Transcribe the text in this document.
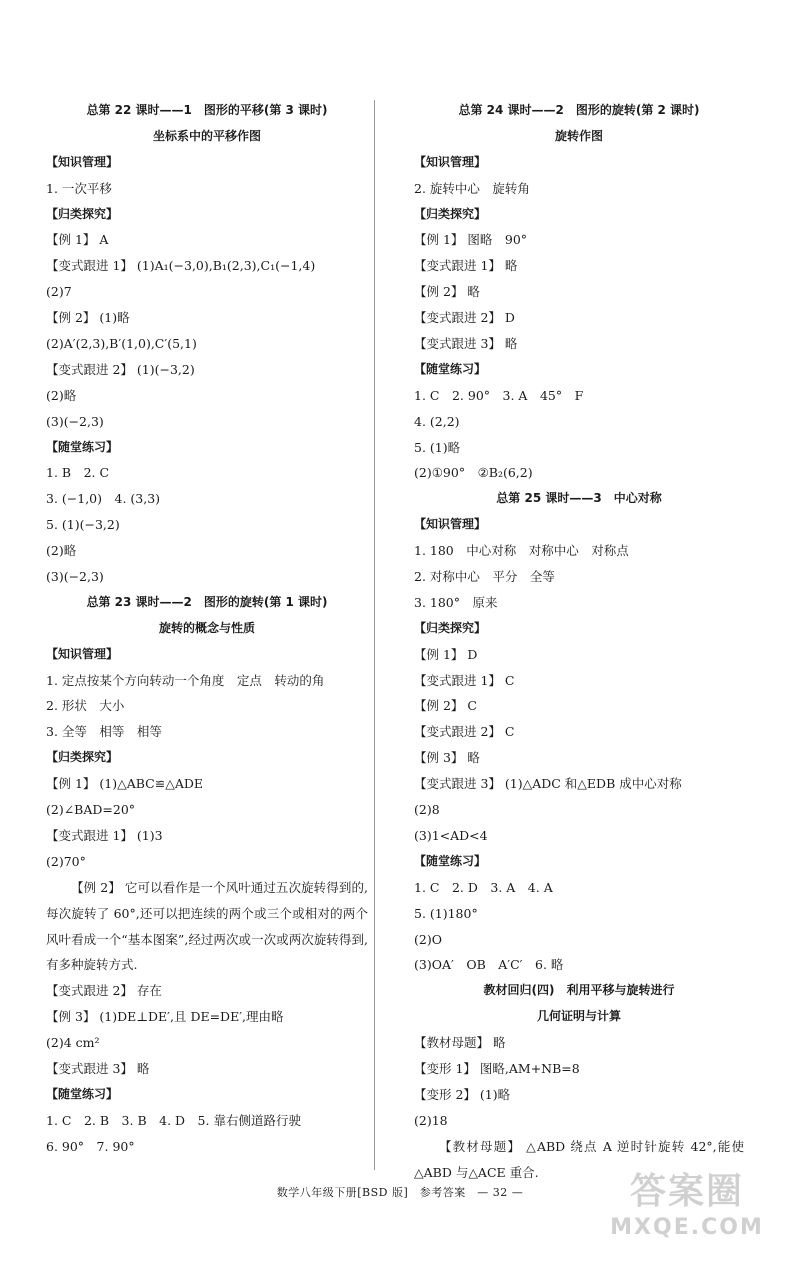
总第 22 课时——1　图形的平移(第 3 课时)
坐标系中的平移作图
【知识管理】
1. 一次平移
【归类探究】
【例 1】 A
【变式跟进 1】 (1)A₁(−3,0),B₁(2,3),C₁(−1,4)
(2)7
【例 2】 (1)略
(2)A′(2,3),B′(1,0),C′(5,1)
【变式跟进 2】 (1)(−3,2)
(2)略
(3)(−2,3)
【随堂练习】
1. B　2. C
3. (−1,0)　4. (3,3)
5. (1)(−3,2)
(2)略
(3)(−2,3)
总第 23 课时——2　图形的旋转(第 1 课时)
旋转的概念与性质
【知识管理】
1. 定点按某个方向转动一个角度　定点　转动的角
2. 形状　大小
3. 全等　相等　相等
【归类探究】
【例 1】 (1)△ABC≌△ADE
(2)∠BAD=20°
【变式跟进 1】 (1)3
(2)70°
【例 2】 它可以看作是一个风叶通过五次旋转得到的,每次旋转了 60°,还可以把连续的两个或三个或相对的两个风叶看成一个“基本图案”,经过两次或一次或两次旋转得到,有多种旋转方式.
【变式跟进 2】 存在
【例 3】 (1)DE⊥DE′,且 DE=DE′,理由略
(2)4 cm²
【变式跟进 3】 略
【随堂练习】
1. C　2. B　3. B　4. D　5. 靠右侧道路行驶
6. 90°　7. 90°
总第 24 课时——2　图形的旋转(第 2 课时)
旋转作图
【知识管理】
2. 旋转中心　旋转角
【归类探究】
【例 1】 图略　90°
【变式跟进 1】 略
【例 2】 略
【变式跟进 2】 D
【变式跟进 3】 略
【随堂练习】
1. C　2. 90°　3. A　45°　F
4. (2,2)
5. (1)略
(2)①90°　②B₂(6,2)
总第 25 课时——3　中心对称
【知识管理】
1. 180　中心对称　对称中心　对称点
2. 对称中心　平分　全等
3. 180°　原来
【归类探究】
【例 1】 D
【变式跟进 1】 C
【例 2】 C
【变式跟进 2】 C
【例 3】 略
【变式跟进 3】 (1)△ADC 和△EDB 成中心对称
(2)8
(3)1<AD<4
【随堂练习】
1. C　2. D　3. A　4. A
5. (1)180°
(2)O
(3)OA′　OB　A′C′　6. 略
教材回归(四)　利用平移与旋转进行
几何证明与计算
【教材母题】 略
【变形 1】 图略,AM+NB=8
【变形 2】 (1)略
(2)18
【教材母题】 △ABD 绕点 A 逆时针旋转 42°,能使△ABD 与△ACE 重合.
数学八年级下册[BSD 版]　参考答案　— 32 —	答案圈
MXQE.COM
